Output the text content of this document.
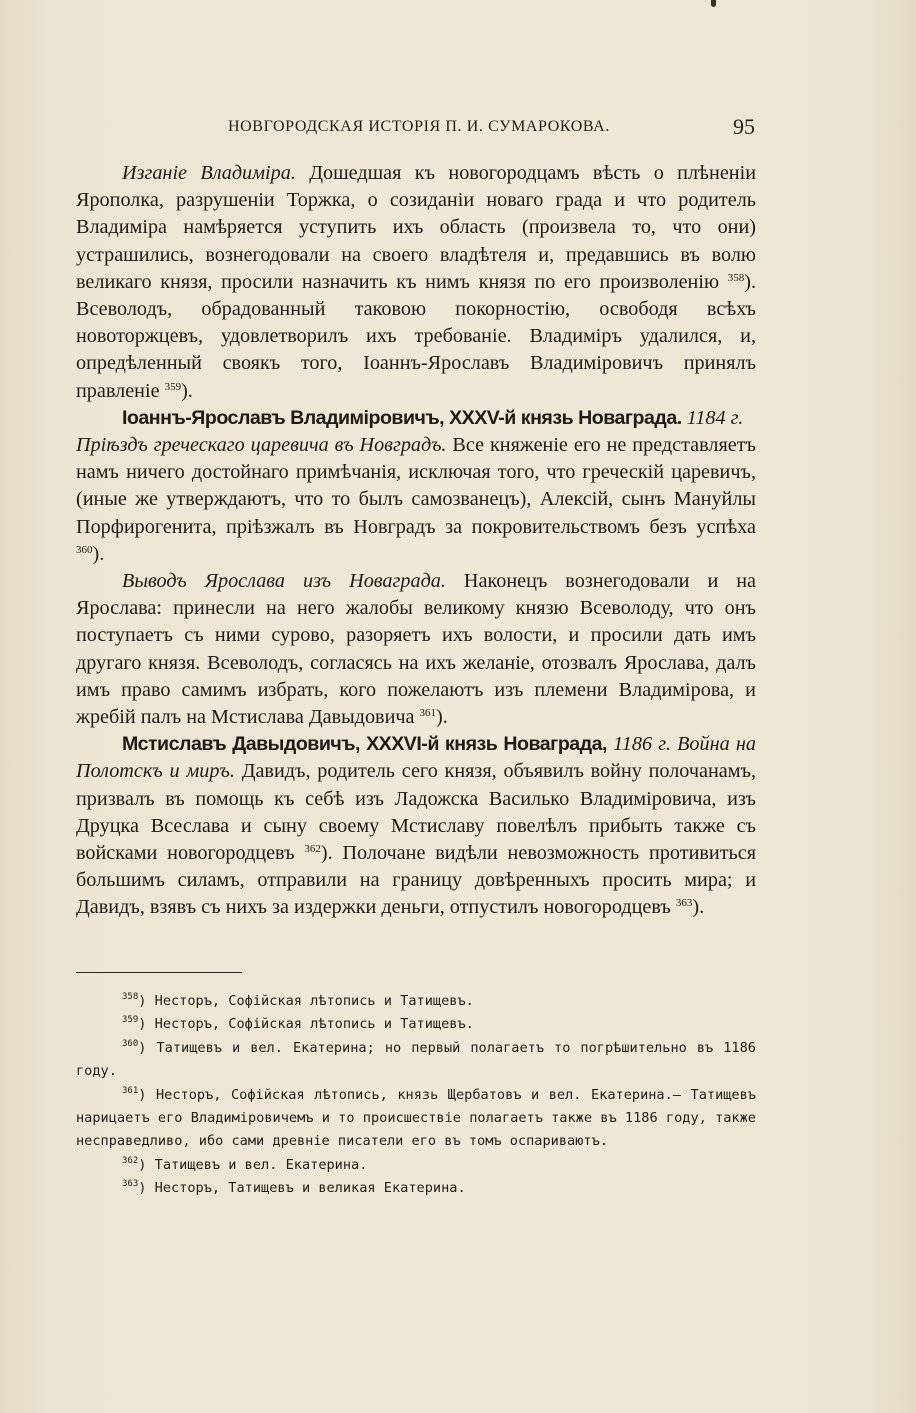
НОВГОРОДСКАЯ ИСТОРІЯ П. И. СУМАРОКОВА.	95

Изганіе Владиміра. Дошедшая къ новогородцамъ вѣсть о плѣненіи Ярополка, разрушеніи Торжка, о созиданіи новаго града и что родитель Владиміра намѣряется уступить ихъ область (произвела то, что они) устрашились, вознегодовали на своего владѣтеля и, предавшись въ волю великаго князя, просили назначить къ нимъ князя по его произволенію $^{358}$). Всеволодъ, обрадованный таковою покорностію, освободя всѣхъ новоторжцевъ, удовлетворилъ ихъ требованіе. Владиміръ удалился, и, опредѣленный своякъ того, Іоаннъ-Ярославъ Владиміровичъ принялъ правленіе $^{359}$).

Іоаннъ-Ярославъ Владиміровичъ, XXXV-й князь Новаграда. 1184 г.
Пріѣздъ греческаго царевича въ Новградъ. Все княженіе его не представляетъ намъ ничего достойнаго примѣчанія, исключая того, что греческій царевичъ, (иные же утверждаютъ, что то былъ самозванецъ), Алексій, сынъ Мануйлы Порфирогенита, пріѣзжалъ въ Новградъ за покровительствомъ безъ успѣха $^{360}$).

Выводъ Ярослава изъ Новаграда. Наконецъ вознегодовали и на Ярослава: принесли на него жалобы великому князю Всеволоду, что онъ поступаетъ съ ними сурово, разоряетъ ихъ волости, и просили дать имъ другаго князя. Всеволодъ, согласясь на ихъ желаніе, отозвалъ Ярослава, далъ имъ право самимъ избрать, кого пожелаютъ изъ племени Владимірова, и жребій палъ на Мстислава Давыдовича $^{361}$).

Мстиславъ Давыдовичъ, XXXVI-й князь Новаграда, 1186 г. Война на Полотскъ и миръ. Давидъ, родитель сего князя, объявилъ войну полочанамъ, призвалъ въ помощь къ себѣ изъ Ладожска Василько Владиміровича, изъ Друцка Всеслава и сыну своему Мстиславу повелѣлъ прибыть также съ войсками новогородцевъ $^{362}$). Полочане видѣли невозможность противиться большимъ силамъ, отправили на границу довѣренныхъ просить мира; и Давидъ, взявъ съ нихъ за издержки деньги, отпустилъ новогородцевъ $^{363}$).

$^{358}$) Несторъ, Софійская лѣтопись и Татищевъ.

$^{359}$) Несторъ, Софійская лѣтопись и Татищевъ.

$^{360}$) Татищевъ и вел. Екатерина; но первый полагаетъ то погрѣшительно въ 1186 году.

$^{361}$) Несторъ, Софійская лѣтопись, князь Щербатовъ и вел. Екатерина.— Татищевъ нарицаетъ его Владиміровичемъ и то происшествіе полагаетъ также въ 1186 году, также несправедливо, ибо сами древніе писатели его въ томъ оспариваютъ.

$^{362}$) Татищевъ и вел. Екатерина.

$^{363}$) Несторъ, Татищевъ и великая Екатерина.
